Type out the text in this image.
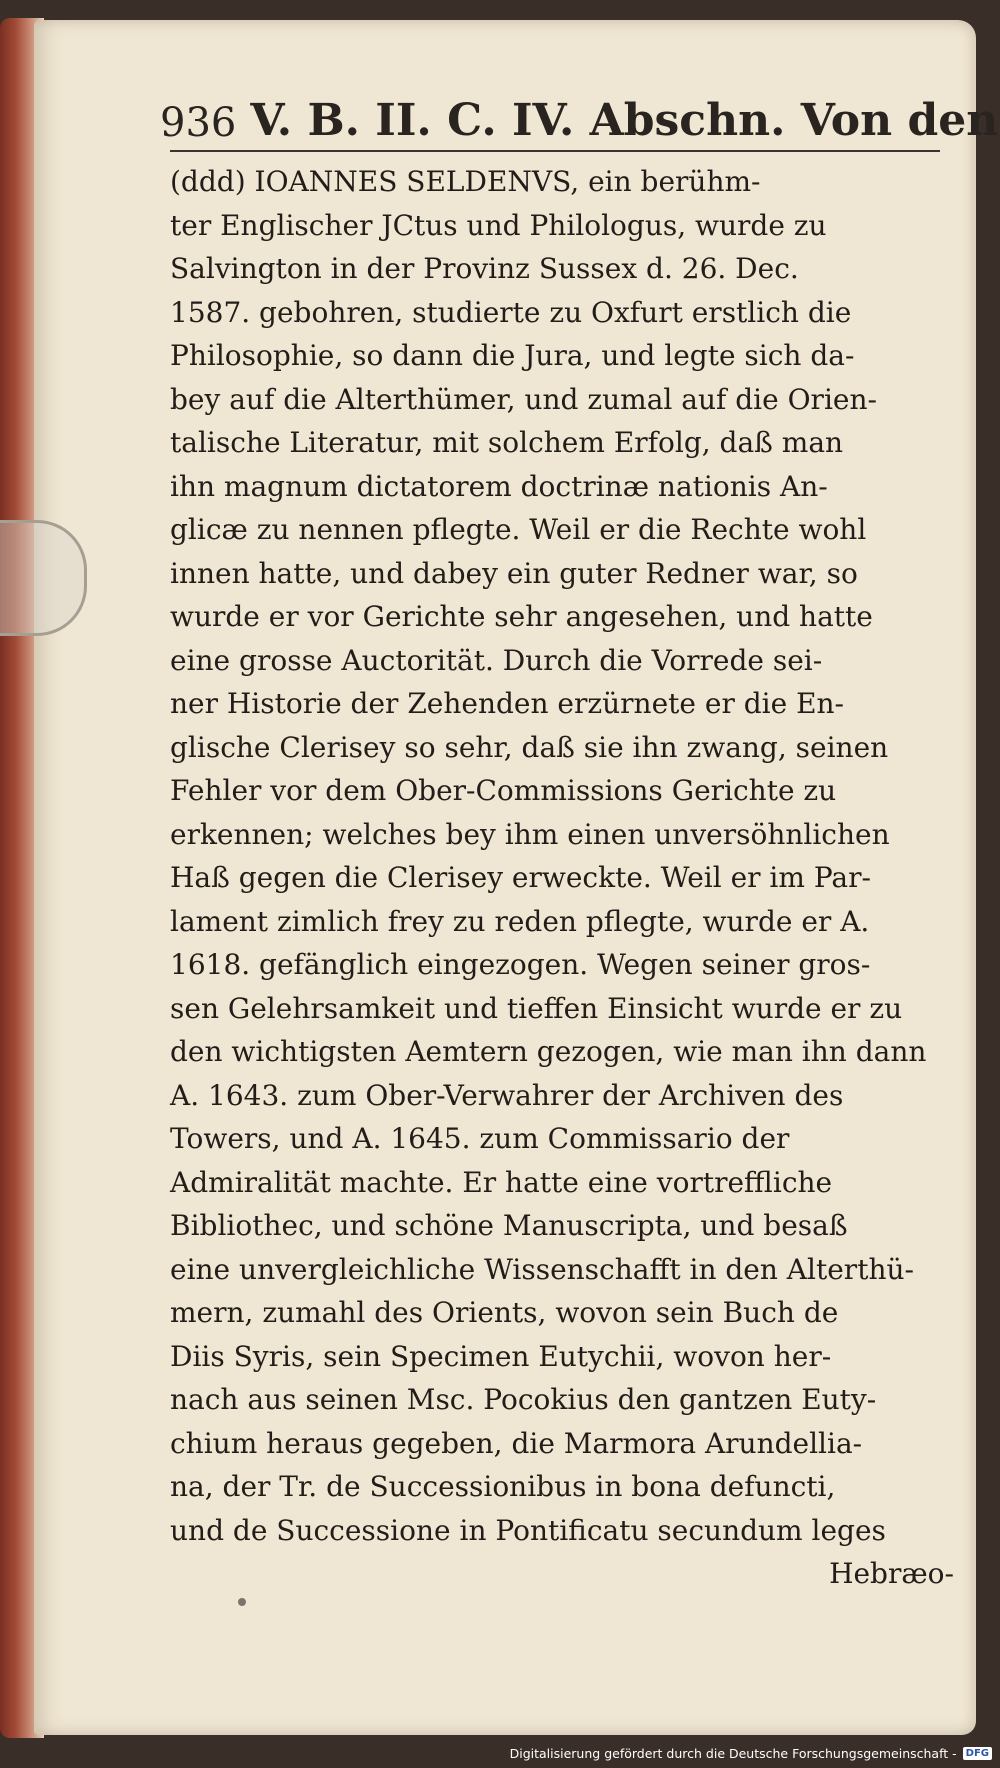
936 V. B. II. C. IV. Abschn. Von den
(ddd) IOANNES SELDENVS, ein berühm-
ter Englischer JCtus und Philologus, wurde zu
Salvington in der Provinz Sussex d. 26. Dec.
1587. gebohren, studierte zu Oxfurt erstlich die
Philosophie, so dann die Jura, und legte sich da-
bey auf die Alterthümer, und zumal auf die Orien-
talische Literatur, mit solchem Erfolg, daß man
ihn magnum dictatorem doctrinæ nationis An-
glicæ zu nennen pflegte. Weil er die Rechte wohl
innen hatte, und dabey ein guter Redner war, so
wurde er vor Gerichte sehr angesehen, und hatte
eine grosse Auctorität. Durch die Vorrede sei-
ner Historie der Zehenden erzürnete er die En-
glische Clerisey so sehr, daß sie ihn zwang, seinen
Fehler vor dem Ober-Commissions Gerichte zu
erkennen; welches bey ihm einen unversöhnlichen
Haß gegen die Clerisey erweckte. Weil er im Par-
lament zimlich frey zu reden pflegte, wurde er A.
1618. gefänglich eingezogen. Wegen seiner gros-
sen Gelehrsamkeit und tieffen Einsicht wurde er zu
den wichtigsten Aemtern gezogen, wie man ihn dann
A. 1643. zum Ober-Verwahrer der Archiven des
Towers, und A. 1645. zum Commissario der
Admiralität machte. Er hatte eine vortreffliche
Bibliothec, und schöne Manuscripta, und besaß
eine unvergleichliche Wissenschafft in den Alterthü-
mern, zumahl des Orients, wovon sein Buch de
Diis Syris, sein Specimen Eutychii, wovon her-
nach aus seinen Msc. Pocokius den gantzen Euty-
chium heraus gegeben, die Marmora Arundellia-
na, der Tr. de Successionibus in bona defuncti,
und de Successione in Pontificatu secundum leges
Hebræo-
Digitalisierung gefördert durch die Deutsche Forschungsgemeinschaft - DFG
